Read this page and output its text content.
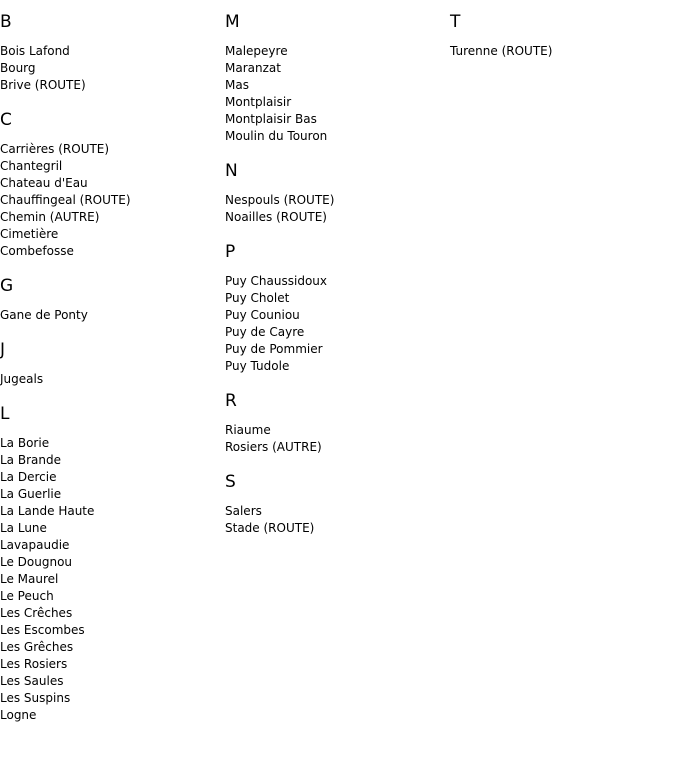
B
Bois Lafond
Bourg
Brive (ROUTE)
C
Carrières (ROUTE)
Chantegril
Chateau d'Eau
Chauffingeal (ROUTE)
Chemin (AUTRE)
Cimetière
Combefosse
G
Gane de Ponty
J
Jugeals
L
La Borie
La Brande
La Dercie
La Guerlie
La Lande Haute
La Lune
Lavapaudie
Le Dougnou
Le Maurel
Le Peuch
Les Crêches
Les Escombes
Les Grêches
Les Rosiers
Les Saules
Les Suspins
Logne
M
Malepeyre
Maranzat
Mas
Montplaisir
Montplaisir Bas
Moulin du Touron
N
Nespouls (ROUTE)
Noailles (ROUTE)
P
Puy Chaussidoux
Puy Cholet
Puy Couniou
Puy de Cayre
Puy de Pommier
Puy Tudole
R
Riaume
Rosiers (AUTRE)
S
Salers
Stade (ROUTE)
T
Turenne (ROUTE)
